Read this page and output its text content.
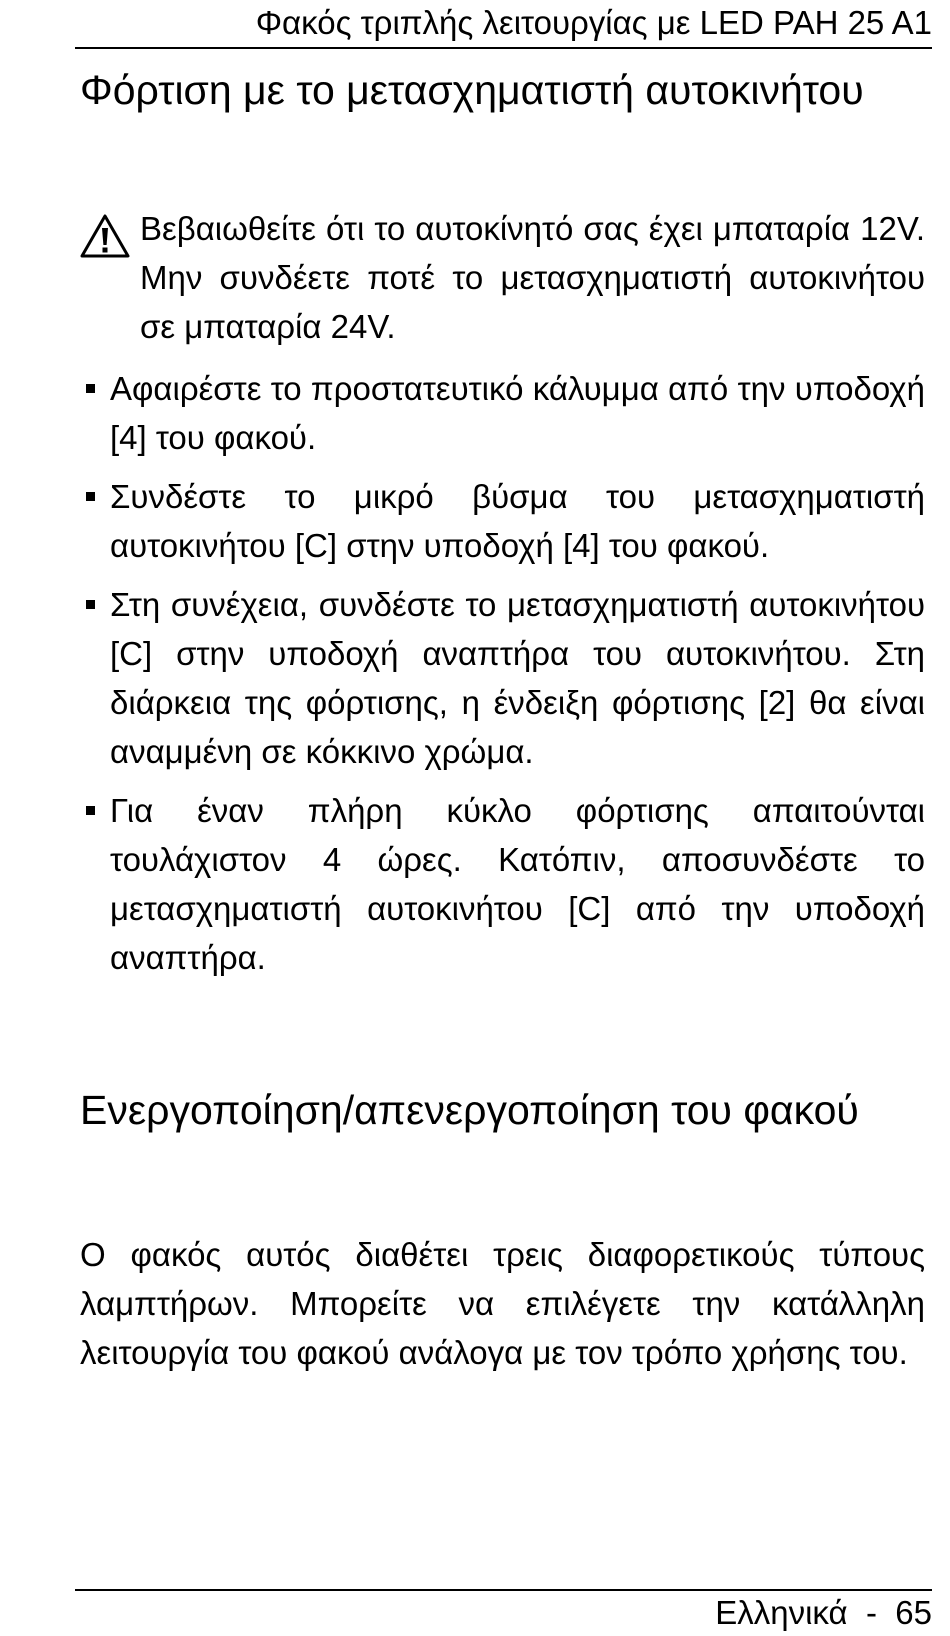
Φακός τριπλής λειτουργίας με LED PAH 25 A1
Φόρτιση με το μετασχηματιστή αυτοκινήτου

Βεβαιωθείτε ότι το αυτοκίνητό σας έχει μπαταρία 12V. Μην συνδέετε ποτέ το μετασχηματιστή αυτοκινήτου σε μπαταρία 24V.

Αφαιρέστε το προστατευτικό κάλυμμα από την υποδοχή [4] του φακού.
Συνδέστε το μικρό βύσμα του μετασχηματιστή αυτοκινήτου [C] στην υποδοχή [4] του φακού.
Στη συνέχεια, συνδέστε το μετασχηματιστή αυτοκινήτου [C] στην υποδοχή αναπτήρα του αυτοκινήτου. Στη διάρκεια της φόρτισης, η ένδειξη φόρτισης [2] θα είναι αναμμένη σε κόκκινο χρώμα.
Για έναν πλήρη κύκλο φόρτισης απαιτούνται τουλάχιστον 4 ώρες. Κατόπιν, αποσυνδέστε το μετασχηματιστή αυτοκινήτου [C] από την υποδοχή αναπτήρα.
Ενεργοποίηση/απενεργοποίηση του φακού

Ο φακός αυτός διαθέτει τρεις διαφορετικούς τύπους λαμπτήρων. Μπορείτε να επιλέγετε την κατάλληλη λειτουργία του φακού ανάλογα με τον τρόπο χρήσης του.

Ελληνικά - 65
